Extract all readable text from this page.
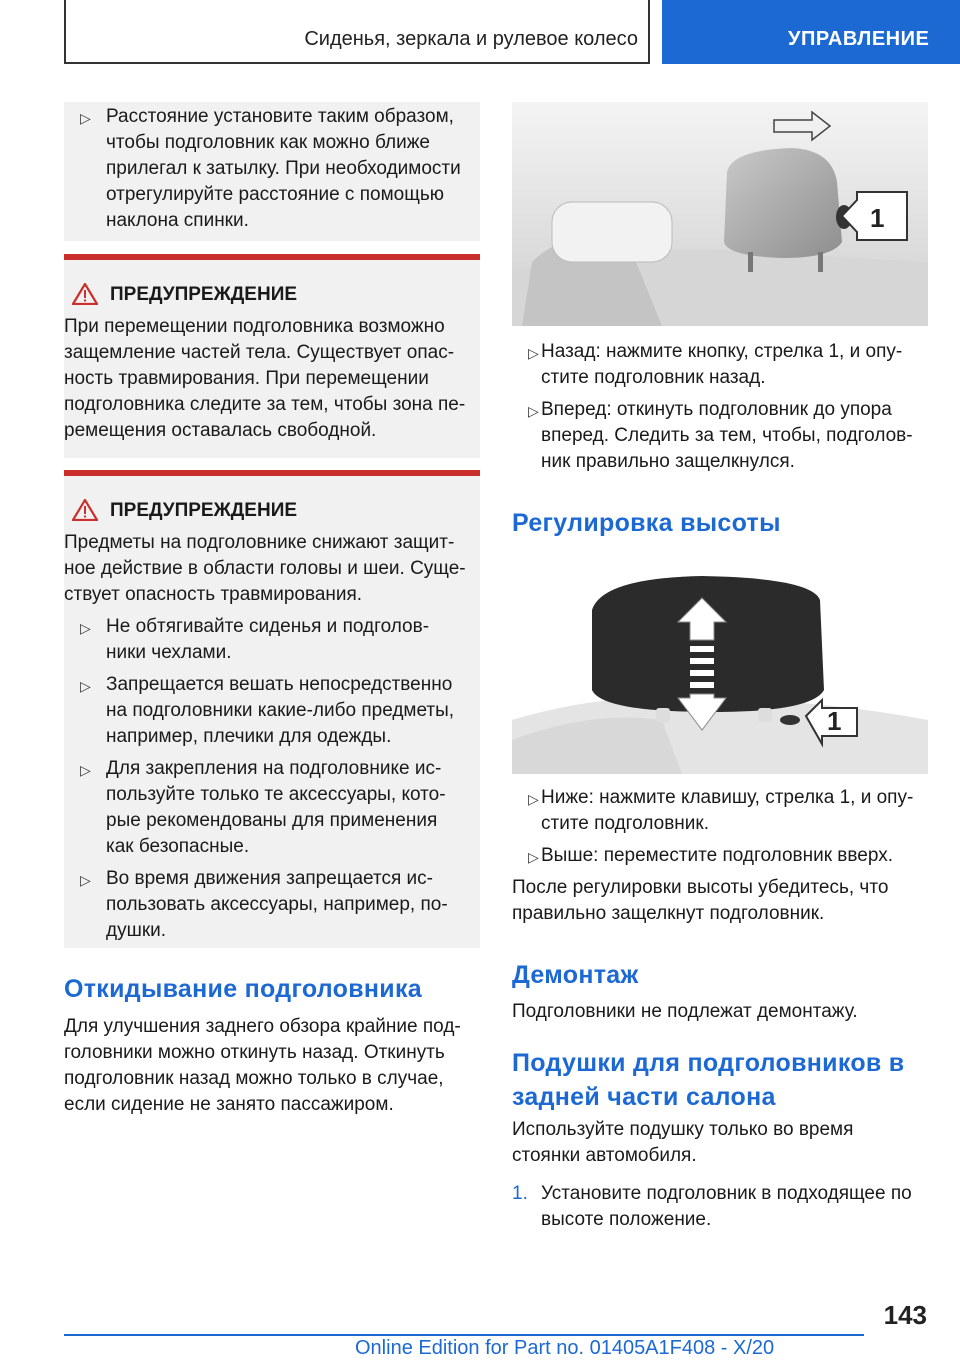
Сиденья, зеркала и рулевое колесо	УПРАВЛЕНИЕ
▷ Расстояние установите таким образом,
чтобы подголовник как можно ближе
прилегал к затылку. При необходимости
отрегулируйте расстояние с помощью
наклона спинки.
ПРЕДУПРЕЖДЕНИЕ
При перемещении подголовника возможно
защемление частей тела. Существует опас-
ность травмирования. При перемещении
подголовника следите за тем, чтобы зона пе-
ремещения оставалась свободной.
ПРЕДУПРЕЖДЕНИЕ
Предметы на подголовнике снижают защит-
ное действие в области головы и шеи. Суще-
ствует опасность травмирования.
▷ Не обтягивайте сиденья и подголов-
ники чехлами.
▷ Запрещается вешать непосредственно
на подголовники какие-либо предметы,
например, плечики для одежды.
▷ Для закрепления на подголовнике ис-
пользуйте только те аксессуары, кото-
рые рекомендованы для применения
как безопасные.
▷ Во время движения запрещается ис-
пользовать аксессуары, например, по-
душки.
Откидывание подголовника
Для улучшения заднего обзора крайние под-
головники можно откинуть назад. Откинуть
подголовник назад можно только в случае,
если сидение не занято пассажиром.
1
▷ Назад: нажмите кнопку, стрелка 1, и опу-
стите подголовник назад.
▷ Вперед: откинуть подголовник до упора
вперед. Следить за тем, чтобы, подголов-
ник правильно защелкнулся.
Регулировка высоты
1
▷ Ниже: нажмите клавишу, стрелка 1, и опу-
стите подголовник.
▷ Выше: переместите подголовник вверх.
После регулировки высоты убедитесь, что
правильно защелкнут подголовник.
Демонтаж
Подголовники не подлежат демонтажу.
Подушки для подголовников в
задней части салона
Используйте подушку только во время
стоянки автомобиля.
1. Установите подголовник в подходящее по
высоте положение.
143
Online Edition for Part no. 01405A1F408 - X/20
